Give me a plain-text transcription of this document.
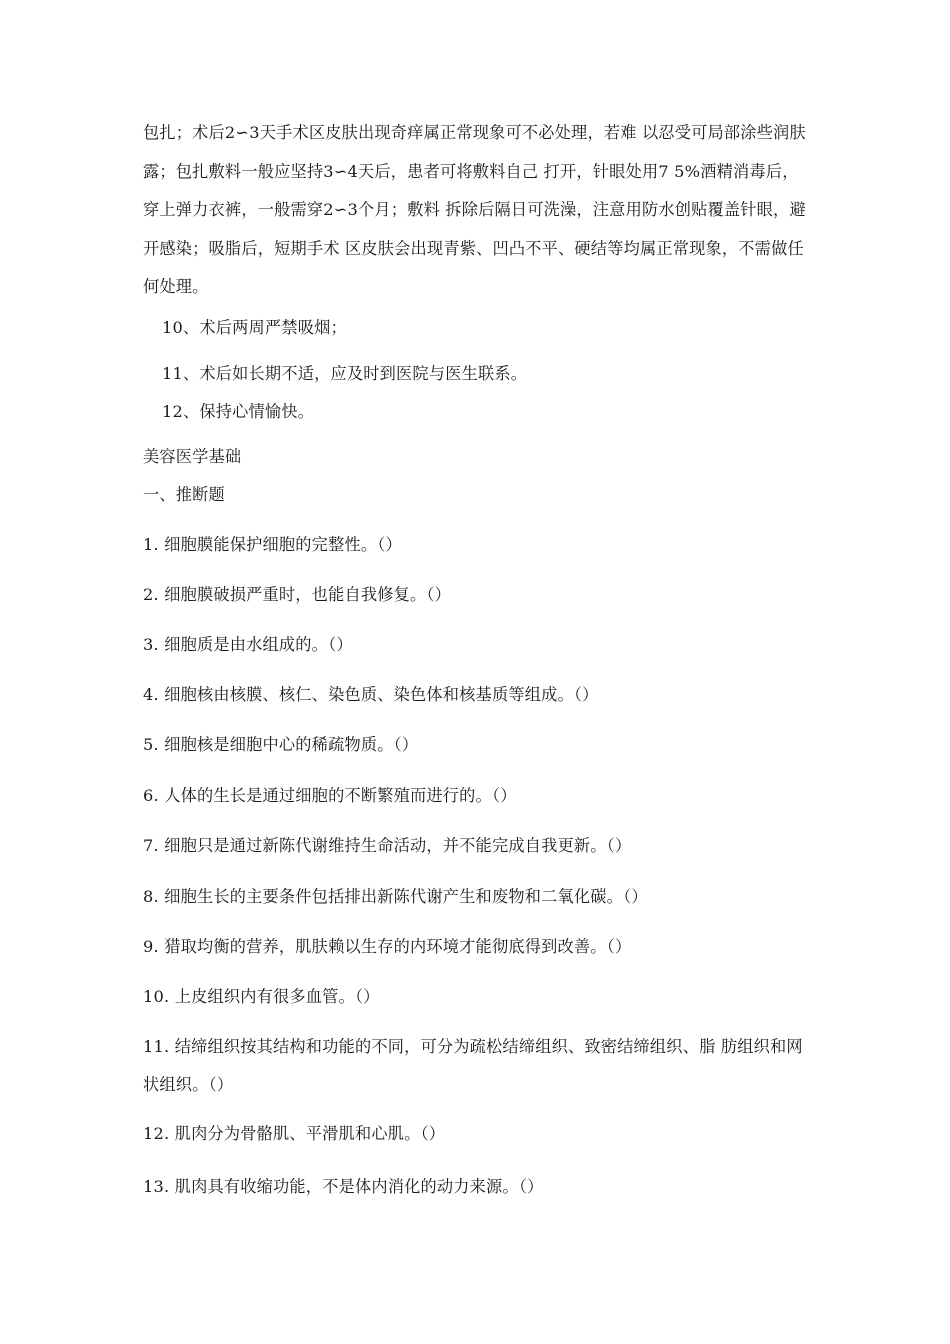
包扎；术后2∽3天手术区皮肤出现奇痒属正常现象可不必处理，若难 以忍受可局部涂些润肤露；包扎敷料一般应坚持3∽4天后，患者可将敷料自己 打开，针眼处用7 5%酒精消毒后，穿上弹力衣裤，一般需穿2∽3个月；敷料 拆除后隔日可洗澡，注意用防水创贴覆盖针眼，避开感染；吸脂后，短期手术 区皮肤会出现青紫、凹凸不平、硬结等均属正常现象，不需做任何处理。
10、术后两周严禁吸烟；
11、术后如长期不适，应及时到医院与医生联系。
12、保持心情愉快。
美容医学基础
一、推断题
1. 细胞膜能保护细胞的完整性。（）
2. 细胞膜破损严重时，也能自我修复。（）
3. 细胞质是由水组成的。（）
4. 细胞核由核膜、核仁、染色质、染色体和核基质等组成。（）
5. 细胞核是细胞中心的稀疏物质。（）
6. 人体的生长是通过细胞的不断繁殖而进行的。（）
7. 细胞只是通过新陈代谢维持生命活动，并不能完成自我更新。（）
8. 细胞生长的主要条件包括排出新陈代谢产生和废物和二氧化碳。（）
9. 猎取均衡的营养，肌肤赖以生存的内环境才能彻底得到改善。（）
10. 上皮组织内有很多血管。（）
11. 结缔组织按其结构和功能的不同，可分为疏松结缔组织、致密结缔组织、脂 肪组织和网状组织。（）
12. 肌肉分为骨骼肌、平滑肌和心肌。（）
13. 肌肉具有收缩功能，不是体内消化的动力来源。（）
